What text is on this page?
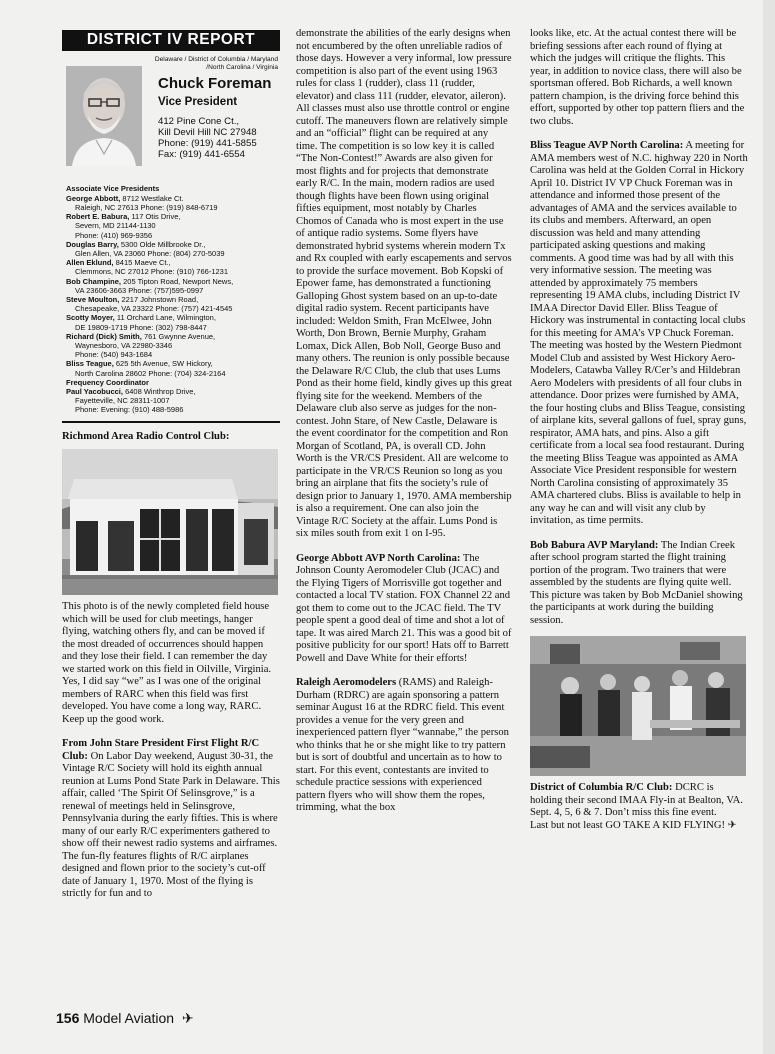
DISTRICT IV REPORT
Delaware / District of Columbia / Maryland /North Carolina / Virginia
Chuck Foreman
Vice President
412 Pine Cone Ct.,
Kill Devil Hill NC 27948
Phone: (919) 441-5855
Fax: (919) 441-6554
Associate Vice Presidents
George Abbott, 8712 Westlake Ct.
Raleigh, NC 27613 Phone: (919) 848-6719
Robert E. Babura, 117 Otis Drive,
Severn, MD 21144-1130
Phone: (410) 969-9356
Douglas Barry, 5300 Olde Millbrooke Dr.,
Glen Allen, VA 23060 Phone: (804) 270-5039
Allen Eklund, 8415 Maeve Ct.,
Clemmons, NC 27012 Phone: (910) 766-1231
Bob Champine, 205 Tipton Road, Newport News,
VA 23606-3663 Phone: (757)595-0997
Steve Moulton, 2217 Johnstown Road,
Chesapeake, VA 23322 Phone: (757) 421-4545
Scotty Moyer, 11 Orchard Lane, Wilmington,
DE 19809-1719 Phone: (302) 798-8447
Richard (Dick) Smith, 761 Gwynne Avenue,
Waynesboro, VA 22980-3346
Phone: (540) 943-1684
Bliss Teague, 625 5th Avenue, SW Hickory,
North Carolina 28602 Phone: (704) 324-2164
Frequency Coordinator
Paul Yacobucci, 6408 Winthrop Drive,
Fayetteville, NC 28311-1007
Phone: Evening: (910) 488-5986
Richmond Area Radio Control Club:

This photo is of the newly completed field house which will be used for club meetings, hanger flying, watching others fly, and can be moved if the most dreaded of occurrences should happen and they lose their field. I can remember the day we started work on this field in Oilville, Virginia. Yes, I did say “we” as I was one of the original members of RARC when this field was first developed. You have come a long way, RARC. Keep up the good work.

From John Stare President First Flight R/C Club: On Labor Day weekend, August 30-31, the Vintage R/C Society will hold its eighth annual reunion at Lums Pond State Park in Delaware. This affair, called ‘The Spirit Of Selinsgrove,” is a renewal of meetings held in Selinsgrove, Pennsylvania during the early fifties. This is where many of our early R/C experimenters gathered to show off their newest radio systems and airframes. The fun-fly features flights of R/C airplanes designed and flown prior to the society’s cut-off date of January 1, 1970. Most of the flying is strictly for fun and to

demonstrate the abilities of the early designs when not encumbered by the often unreliable radios of those days. However a very informal, low pressure competition is also part of the event using 1963 rules for class 1 (rudder), class 11 (rudder, elevator) and class 111 (rudder, elevator, aileron). All classes must also use throttle control or engine cutoff. The maneuvers flown are relatively simple and an “official” flight can be required at any time. The competition is so low key it is called “The Non-Contest!” Awards are also given for most flights and for projects that demonstrate early R/C. In the main, modern radios are used though flights have been flown using original fifties equipment, most notably by Charles Chomos of Canada who is most expert in the use of antique radio systems. Some flyers have demonstrated hybrid systems wherein modern Tx and Rx coupled with early escapements and servos to provide the surface movement. Bob Kopski of Epower fame, has demonstrated a functioning Galloping Ghost system based on an up-to-date digital radio system. Recent participants have included: Weldon Smith, Fran McElwee, John Worth, Don Brown, Bernie Murphy, Graham Lomax, Dick Allen, Bob Noll, George Buso and many others. The reunion is only possible because the Delaware R/C Club, the club that uses Lums Pond as their home field, kindly gives up this great flying site for the weekend. Members of the Delaware club also serve as judges for the non-contest. John Stare, of New Castle, Delaware is the event coordinator for the competition and Ron Morgan of Scotland, PA, is overall CD. John Worth is the VR/CS President. All are welcome to participate in the VR/CS Reunion so long as you bring an airplane that fits the society’s rule of design prior to January 1, 1970. AMA membership is also a requirement. One can also join the Vintage R/C Society at the affair. Lums Pond is six miles south from exit 1 on I-95.

George Abbott AVP North Carolina: The Johnson County Aeromodeler Club (JCAC) and the Flying Tigers of Morrisville got together and contacted a local TV station. FOX Channel 22 and got them to come out to the JCAC field. The TV people spent a good deal of time and shot a lot of tape. It was aired March 21. This was a good bit of positive publicity for our sport! Hats off to Barrett Powell and Dave White for their efforts!

Raleigh Aeromodelers (RAMS) and Raleigh-Durham (RDRC) are again sponsoring a pattern seminar August 16 at the RDRC field. This event provides a venue for the very green and inexperienced pattern flyer “wannabe,” the person who thinks that he or she might like to try pattern but is sort of doubtful and uncertain as to how to start. For this event, contestants are invited to schedule practice sessions with experienced pattern flyers who will show them the ropes, trimming, what the box

looks like, etc. At the actual contest there will be briefing sessions after each round of flying at which the judges will critique the flights. This year, in addition to novice class, there will also be sportsman offered. Bob Richards, a well known pattern champion, is the driving force behind this effort, supported by other top pattern fliers and the two clubs.

Bliss Teague AVP North Carolina: A meeting for AMA members west of N.C. highway 220 in North Carolina was held at the Golden Corral in Hickory April 10. District IV VP Chuck Foreman was in attendance and informed those present of the advantages of AMA and the services available to its clubs and members. Afterward, an open discussion was held and many attending participated asking questions and making comments. A good time was had by all with this very informative session. The meeting was attended by approximately 75 members representing 19 AMA clubs, including District IV IMAA Director David Eller. Bliss Teague of Hickory was instrumental in contacting local clubs for this meeting for AMA’s VP Chuck Foreman. The meeting was hosted by the Western Piedmont Model Club and assisted by West Hickory Aero-Modelers, Catawba Valley R/Cer’s and Hildebran Aero Modelers with presidents of all four clubs in attendance. Door prizes were furnished by AMA, the four hosting clubs and Bliss Teague, consisting of airplane kits, several gallons of fuel, spray guns, respirator, AMA hats, and pins. Also a gift certificate from a local sea food restaurant. During the meeting Bliss Teague was appointed as AMA Associate Vice President responsible for western North Carolina consisting of approximately 35 AMA chartered clubs. Bliss is available to help in any way he can and will visit any club by invitation, as time permits.

Bob Babura AVP Maryland: The Indian Creek after school program started the flight training portion of the program. Two trainers that were assembled by the students are flying quite well. This picture was taken by Bob McDaniel showing the participants at work during the building session.

District of Columbia R/C Club: DCRC is holding their second IMAA Fly-in at Bealton, VA. Sept. 4, 5, 6 & 7. Don’t miss this fine event.

Last but not least GO TAKE A KID FLYING! ✈

156 Model Aviation ✈
